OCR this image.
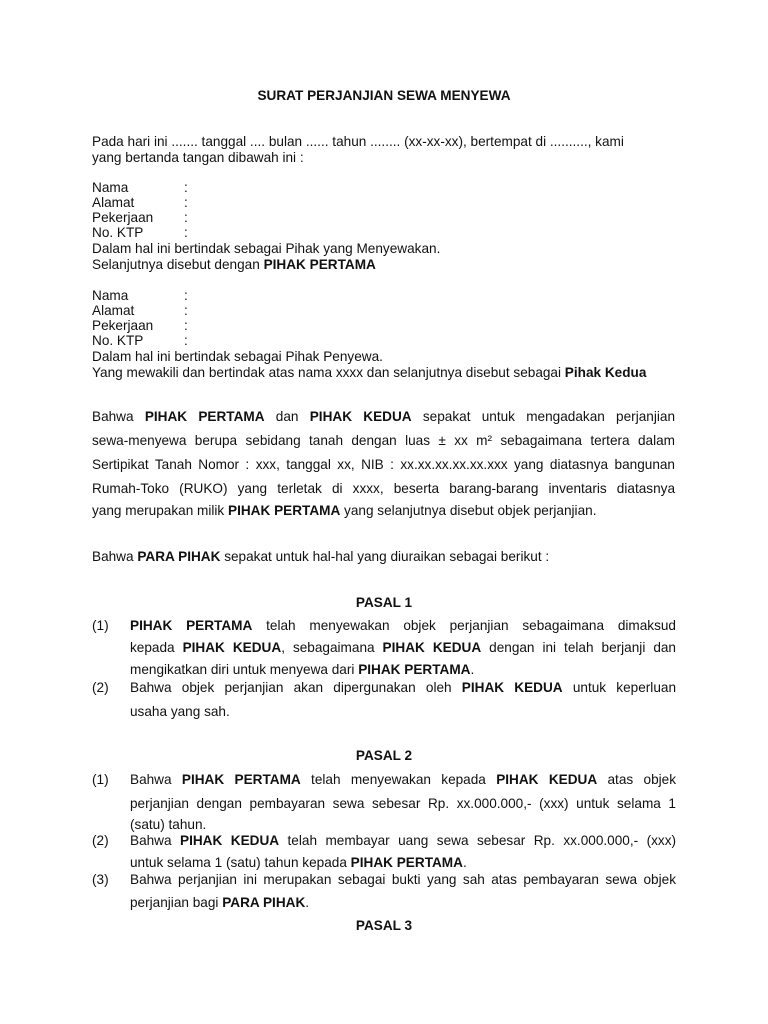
SURAT PERJANJIAN SEWA MENYEWA
Pada hari ini ....... tanggal .... bulan ...... tahun ........ (xx-xx-xx), bertempat di .........., kami
yang bertanda tangan dibawah ini :
Nama	:
Alamat	:
Pekerjaan :
No. KTP	:
Dalam hal ini bertindak sebagai Pihak yang Menyewakan.
Selanjutnya disebut dengan PIHAK PERTAMA
Nama	:
Alamat	:
Pekerjaan :
No. KTP	:
Dalam hal ini bertindak sebagai Pihak Penyewa.
Yang mewakili dan bertindak atas nama xxxx dan selanjutnya disebut sebagai Pihak Kedua
Bahwa PIHAK PERTAMA dan PIHAK KEDUA sepakat untuk mengadakan perjanjian
sewa-menyewa berupa sebidang tanah dengan luas ± xx m² sebagaimana tertera dalam
Sertipikat Tanah Nomor : xxx, tanggal xx, NIB : xx.xx.xx.xx.xx.xxx yang diatasnya bangunan
Rumah-Toko (RUKO) yang terletak di xxxx, beserta barang-barang inventaris diatasnya
yang merupakan milik PIHAK PERTAMA yang selanjutnya disebut objek perjanjian.
Bahwa PARA PIHAK sepakat untuk hal-hal yang diuraikan sebagai berikut :
PASAL 1
(1) PIHAK PERTAMA telah menyewakan objek perjanjian sebagaimana dimaksud
kepada PIHAK KEDUA, sebagaimana PIHAK KEDUA dengan ini telah berjanji dan
mengikatkan diri untuk menyewa dari PIHAK PERTAMA.
(2) Bahwa objek perjanjian akan dipergunakan oleh PIHAK KEDUA untuk keperluan
usaha yang sah.
PASAL 2
(1) Bahwa PIHAK PERTAMA telah menyewakan kepada PIHAK KEDUA atas objek
perjanjian dengan pembayaran sewa sebesar Rp. xx.000.000,- (xxx) untuk selama 1
(satu) tahun.
(2) Bahwa PIHAK KEDUA telah membayar uang sewa sebesar Rp. xx.000.000,- (xxx)
untuk selama 1 (satu) tahun kepada PIHAK PERTAMA.
(3) Bahwa perjanjian ini merupakan sebagai bukti yang sah atas pembayaran sewa objek
perjanjian bagi PARA PIHAK.
PASAL 3
